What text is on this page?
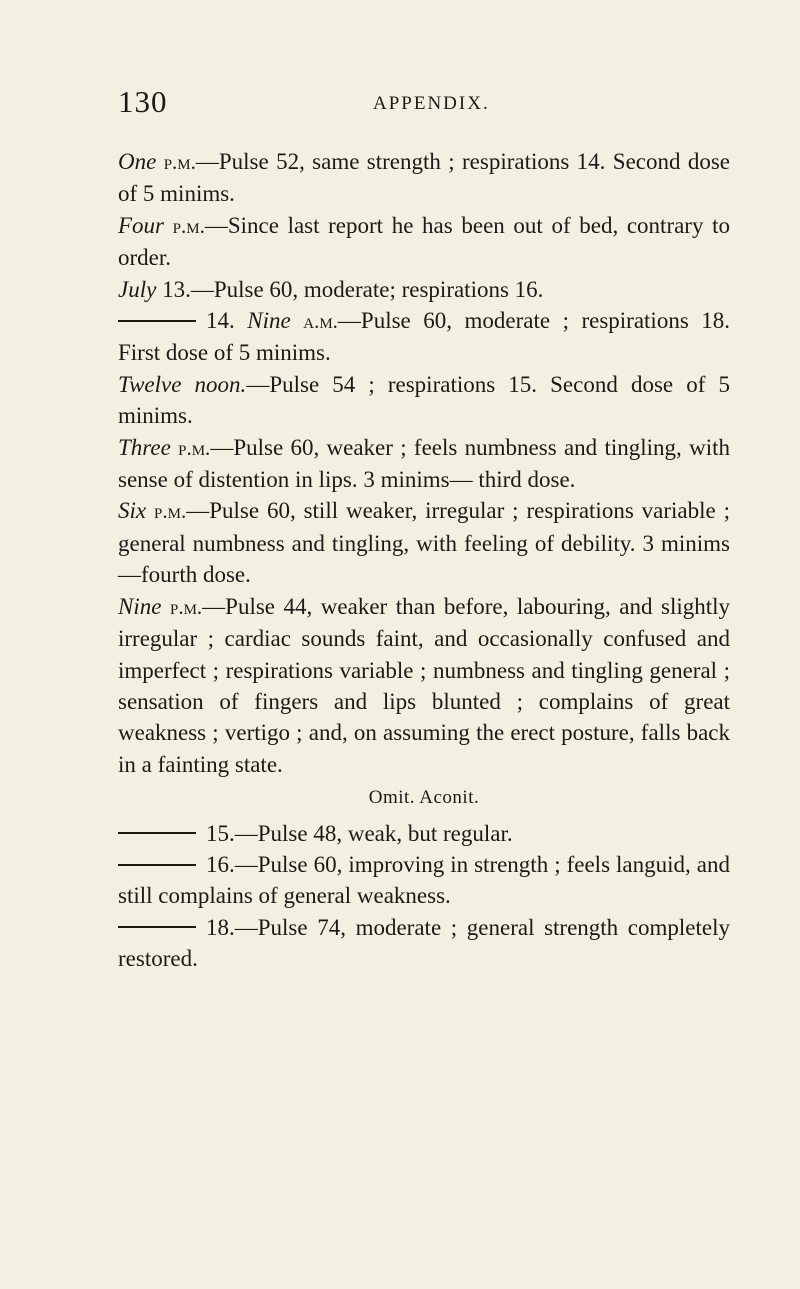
130	APPENDIX.

One p.m.—Pulse 52, same strength ; respirations 14. Second dose of 5 minims.

Four p.m.—Since last report he has been out of bed, contrary to order.

July 13.—Pulse 60, moderate; respirations 16.

14. Nine a.m.—Pulse 60, moderate ; respirations 18. First dose of 5 minims.

Twelve noon.—Pulse 54 ; respirations 15. Second dose of 5 minims.

Three p.m.—Pulse 60, weaker ; feels numbness and tingling, with sense of distention in lips. 3 minims— third dose.

Six p.m.—Pulse 60, still weaker, irregular ; respirations variable ; general numbness and tingling, with feeling of debility. 3 minims—fourth dose.

Nine p.m.—Pulse 44, weaker than before, labouring, and slightly irregular ; cardiac sounds faint, and occasionally confused and imperfect ; respirations variable ; numbness and tingling general ; sensation of fingers and lips blunted ; complains of great weakness ; vertigo ; and, on assuming the erect posture, falls back in a fainting state.

Omit. Aconit.

15.—Pulse 48, weak, but regular.

16.—Pulse 60, improving in strength ; feels languid, and still complains of general weakness.

18.—Pulse 74, moderate ; general strength completely restored.
